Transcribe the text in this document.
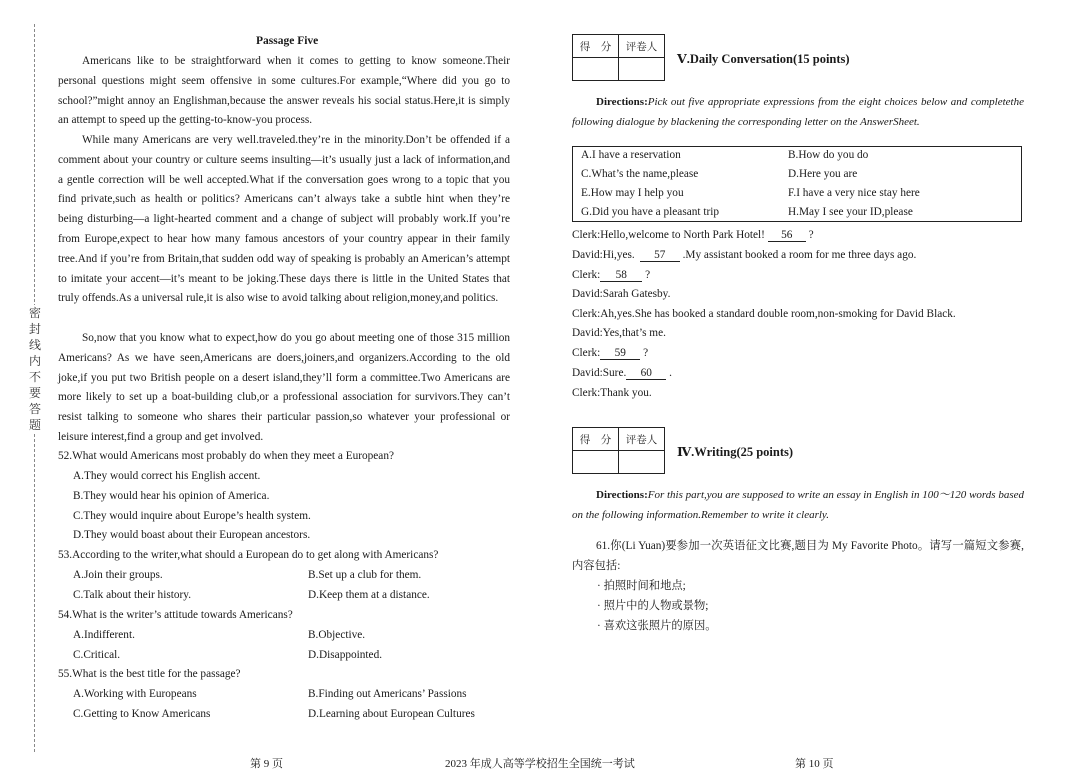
密封线内不要答题
Passage Five
Americans like to be straightforward when it comes to getting to know someone.Their personal questions might seem offensive in some cultures.For example,“Where did you go to school?”might annoy an Englishman,because the answer reveals his social status.Here,it is simply an attempt to speed up the getting-to-know-you process.
While many Americans are very well.traveled.they’re in the minority.Don’t be offended if a comment about your country or culture seems insulting—it’s usually just a lack of information,and a gentle correction will be well accepted.What if the conversation goes wrong to a topic that you find private,such as health or politics? Americans can’t always take a subtle hint when they’re being disturbing—a light-hearted comment and a change of subject will probably work.If you’re from Europe,expect to hear how many famous ancestors of your country appear in their family tree.And if you’re from Britain,that sudden odd way of speaking is probably an American’s attempt to imitate your accent—it’s meant to be joking.These days there is little in the United States that truly offends.As a universal rule,it is also wise to avoid talking about religion,money,and politics.
So,now that you know what to expect,how do you go about meeting one of those 315 million Americans? As we have seen,Americans are doers,joiners,and organizers.According to the old joke,if you put two British people on a desert island,they’ll form a committee.Two Americans are more likely to set up a boat-building club,or a professional association for survivors.They can’t resist talking to someone who shares their particular passion,so whatever your professional or leisure interest,find a group and get involved.
52.What would Americans most probably do when they meet a European?
A.They would correct his English accent.
B.They would hear his opinion of America.
C.They would inquire about Europe’s health system.
D.They would boast about their European ancestors.
53.According to the writer,what should a European do to get along with Americans?
A.Join their groups.	B.Set up a club for them.
C.Talk about their history.	D.Keep them at a distance.
54.What is the writer’s attitude towards Americans?
A.Indifferent.	B.Objective.
C.Critical.	D.Disappointed.
55.What is the best title for the passage?
A.Working with Europeans	B.Finding out Americans’ Passions
C.Getting to Know Americans	D.Learning about European Cultures
得　分	评卷人

Ⅴ.Daily Conversation(15 points)
Directions:Pick out five appropriate expressions from the eight choices below and completethe following dialogue by blackening the corresponding letter on the AnswerSheet.
A.I have a reservation	B.How do you do
C.What’s the name,please	D.Here you are
E.How may I help you	F.I have a very nice stay here
G.Did you have a pleasant trip	H.May I see your ID,please
Clerk:Hello,welcome to North Park Hotel! 56 ?
David:Hi,yes. 57 .My assistant booked a room for me three days ago.
Clerk: 58 ?
David:Sarah Gatesby.
Clerk:Ah,yes.She has booked a standard double room,non-smoking for David Black.
David:Yes,that’s me.
Clerk: 59 ?
David:Sure. 60 .
Clerk:Thank you.
得　分	评卷人

Ⅳ.Writing(25 points)
Directions:For this part,you are supposed to write an essay in English in 100～120 words based on the following information.Remember to write it clearly.
61.你(Li Yuan)要参加一次英语征文比赛,题目为 My Favorite Photo。请写一篇短文参赛,内容包括:
· 拍照时间和地点;
· 照片中的人物或景物;
· 喜欢这张照片的原因。
第 9 页	2023 年成人高等学校招生全国统一考试	第 10 页
